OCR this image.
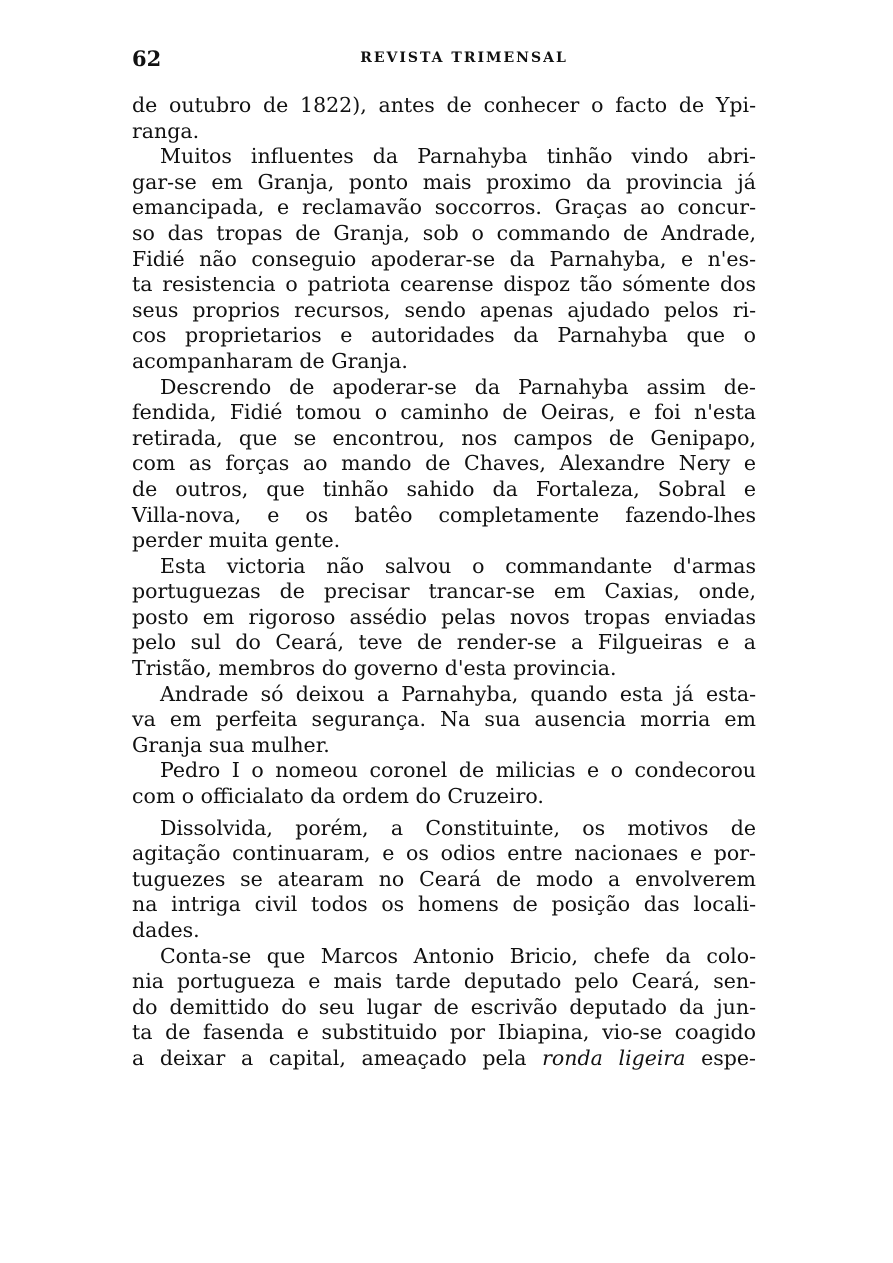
62	REVISTA TRIMENSAL
de outubro de 1822), antes de conhecer o facto de Ypi-
ranga.
Muitos influentes da Parnahyba tinhão vindo abri-
gar-se em Granja, ponto mais proximo da provincia já
emancipada, e reclamavão soccorros. Graças ao concur-
so das tropas de Granja, sob o commando de Andrade,
Fidié não conseguio apoderar-se da Parnahyba, e n'es-
ta resistencia o patriota cearense dispoz tão sómente dos
seus proprios recursos, sendo apenas ajudado pelos ri-
cos proprietarios e autoridades da Parnahyba que o
acompanharam de Granja.
Descrendo de apoderar-se da Parnahyba assim de-
fendida, Fidié tomou o caminho de Oeiras, e foi n'esta
retirada, que se encontrou, nos campos de Genipapo,
com as forças ao mando de Chaves, Alexandre Nery e
de outros, que tinhão sahido da Fortaleza, Sobral e
Villa-nova, e os batêo completamente fazendo-lhes
perder muita gente.
Esta victoria não salvou o commandante d'armas
portuguezas de precisar trancar-se em Caxias, onde,
posto em rigoroso assédio pelas novos tropas enviadas
pelo sul do Ceará, teve de render-se a Filgueiras e a
Tristão, membros do governo d'esta provincia.
Andrade só deixou a Parnahyba, quando esta já esta-
va em perfeita segurança. Na sua ausencia morria em
Granja sua mulher.
Pedro I o nomeou coronel de milicias e o condecorou
com o officialato da ordem do Cruzeiro.
Dissolvida, porém, a Constituinte, os motivos de
agitação continuaram, e os odios entre nacionaes e por-
tuguezes se atearam no Ceará de modo a envolverem
na intriga civil todos os homens de posição das locali-
dades.
Conta-se que Marcos Antonio Bricio, chefe da colo-
nia portugueza e mais tarde deputado pelo Ceará, sen-
do demittido do seu lugar de escrivão deputado da jun-
ta de fasenda e substituido por Ibiapina, vio-se coagido
a deixar a capital, ameaçado pela ronda ligeira espe-
